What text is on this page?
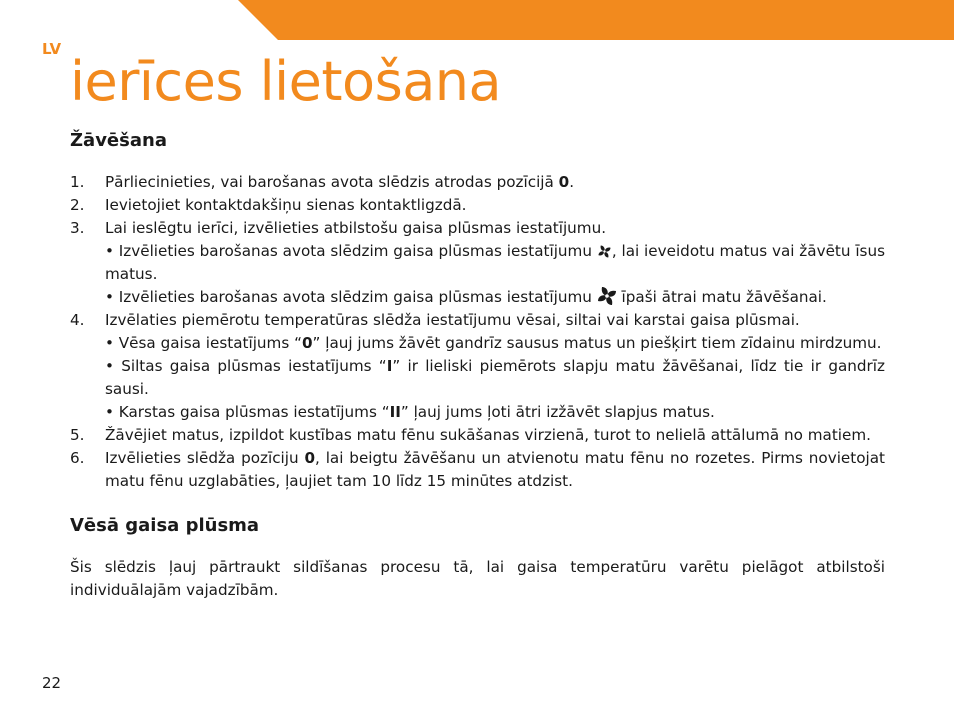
LV
ierīces lietošana
Žāvēšana
1. Pārliecinieties, vai barošanas avota slēdzis atrodas pozīcijā 0.
2. Ievietojiet kontaktdakšiņu sienas kontaktligzdā.
3. Lai ieslēgtu ierīci, izvēlieties atbilstošu gaisa plūsmas iestatījumu.
• Izvēlieties barošanas avota slēdzim gaisa plūsmas iestatījumu , lai ieveidotu matus vai žāvētu īsus matus.
• Izvēlieties barošanas avota slēdzim gaisa plūsmas iestatījumu  īpaši ātrai matu žāvēšanai.
4. Izvēlaties piemērotu temperatūras slēdža iestatījumu vēsai, siltai vai karstai gaisa plūsmai.
• Vēsa gaisa iestatījums “0” ļauj jums žāvēt gandrīz sausus matus un piešķirt tiem zīdainu mirdzumu.
• Siltas gaisa plūsmas iestatījums “I” ir lieliski piemērots slapju matu žāvēšanai, līdz tie ir gandrīz sausi.
• Karstas gaisa plūsmas iestatījums “II” ļauj jums ļoti ātri izžāvēt slapjus matus.
5. Žāvējiet matus, izpildot kustības matu fēnu sukāšanas virzienā, turot to nelielā attālumā no matiem.
6. Izvēlieties slēdža pozīciju 0, lai beigtu žāvēšanu un atvienotu matu fēnu no rozetes. Pirms novietojat matu fēnu uzglabāties, ļaujiet tam 10 līdz 15 minūtes atdzist.
Vēsā gaisa plūsma

Šis slēdzis ļauj pārtraukt sildīšanas procesu tā, lai gaisa temperatūru varētu pielāgot atbilstoši individuālajām vajadzībām.

22
